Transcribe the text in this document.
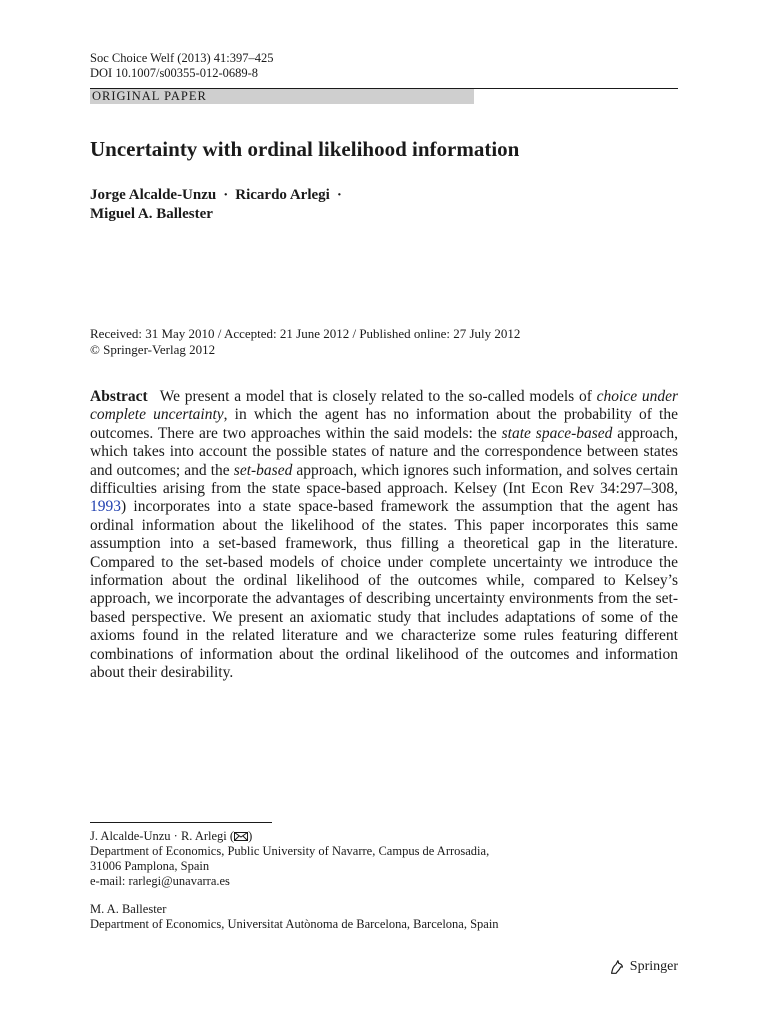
Soc Choice Welf (2013) 41:397–425
DOI 10.1007/s00355-012-0689-8
ORIGINAL PAPER
Uncertainty with ordinal likelihood information
Jorge Alcalde-Unzu · Ricardo Arlegi ·
Miguel A. Ballester
Received: 31 May 2010 / Accepted: 21 June 2012 / Published online: 27 July 2012
© Springer-Verlag 2012
Abstract We present a model that is closely related to the so-called models of choice under complete uncertainty, in which the agent has no information about the probability of the outcomes. There are two approaches within the said models: the state space-based approach, which takes into account the possible states of nature and the correspondence between states and outcomes; and the set-based approach, which ignores such information, and solves certain difficulties arising from the state space-based approach. Kelsey (Int Econ Rev 34:297–308, 1993) incorporates into a state space-based framework the assumption that the agent has ordinal information about the likelihood of the states. This paper incorporates this same assumption into a set-based framework, thus filling a theoretical gap in the literature. Compared to the set-based models of choice under complete uncertainty we introduce the information about the ordinal likelihood of the outcomes while, compared to Kelsey’s approach, we incorporate the advantages of describing uncertainty environments from the set-based perspective. We present an axiomatic study that includes adaptations of some of the axioms found in the related literature and we characterize some rules featuring different combinations of information about the ordinal likelihood of the outcomes and information about their desirability.
J. Alcalde-Unzu · R. Arlegi ( )
Department of Economics, Public University of Navarre, Campus de Arrosadia,
31006 Pamplona, Spain
e-mail: rarlegi@unavarra.es
M. A. Ballester
Department of Economics, Universitat Autònoma de Barcelona, Barcelona, Spain
Springer
